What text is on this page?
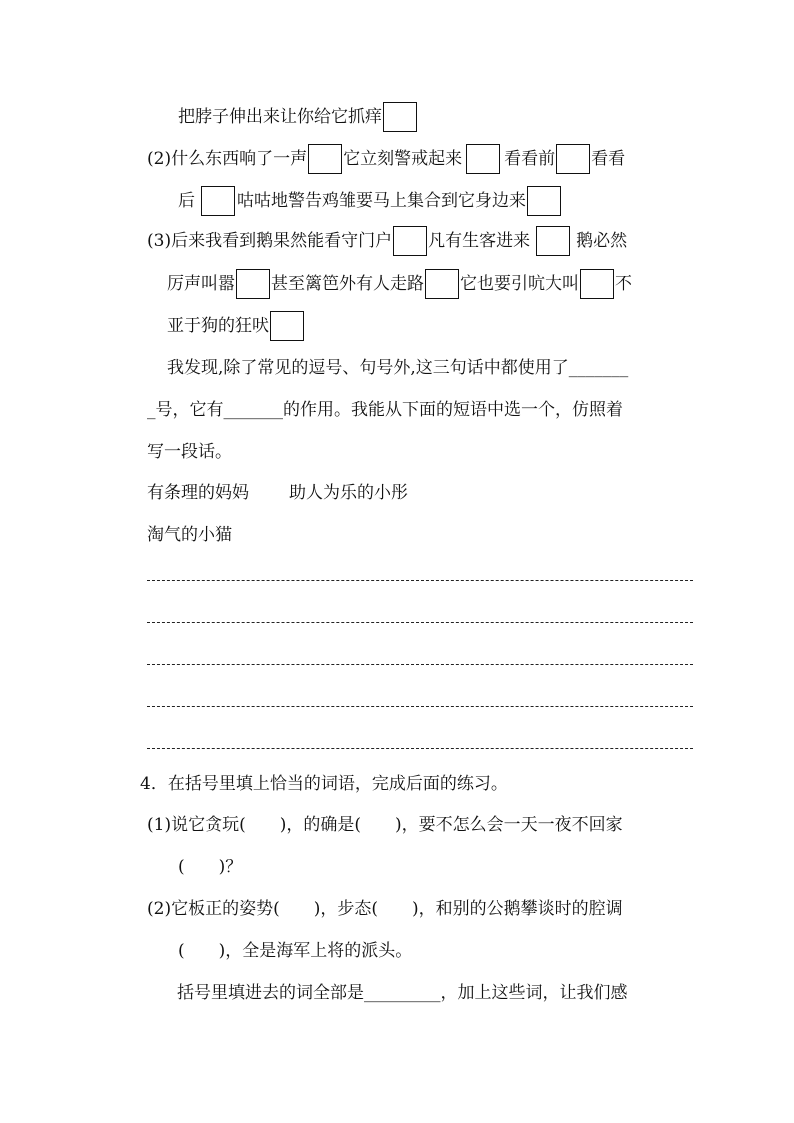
把脖子伸出来让你给它抓痒
(2)什么东西响了一声 它立刻警戒起来 看看前 看看
后 咕咕地警告鸡雏要马上集合到它身边来
(3)后来我看到鹅果然能看守门户 凡有生客进来	鹅必然
厉声叫嚣 甚至篱笆外有人走路 它也要引吭大叫 不
亚于狗的狂吠
我发现,除了常见的逗号、句号外,这三句话中都使用了_______
_号，它有_______的作用。我能从下面的短语中选一个，仿照着
写一段话。
有条理的妈妈 助人为乐的小彤
淘气的小猫
4．在括号里填上恰当的词语，完成后面的练习。
(1)说它贪玩(　　)，的确是(　　)，要不怎么会一天一夜不回家
(　　)？
(2)它板正的姿势(　　)，步态(　　)，和别的公鹅攀谈时的腔调
(　　)，全是海军上将的派头。
括号里填进去的词全部是_________，加上这些词，让我们感
